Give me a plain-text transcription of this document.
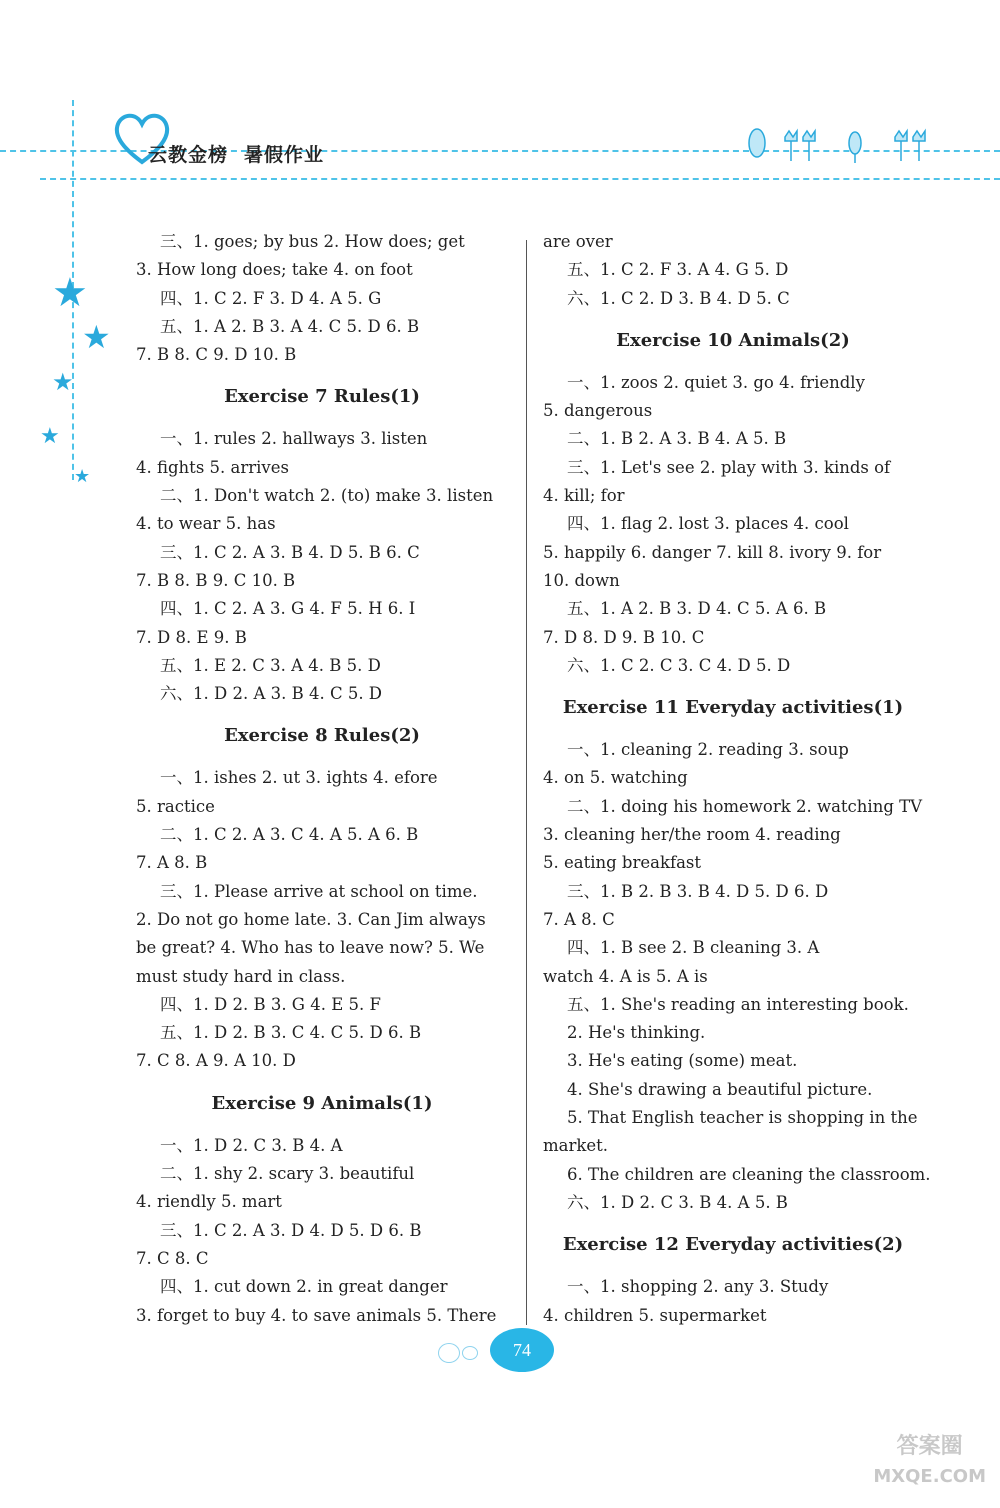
云教金榜 暑假作业
★
★
★
★
★
三、1. goes; by bus 2. How does; get
3. How long does; take 4. on foot
四、1. C 2. F 3. D 4. A 5. G
五、1. A 2. B 3. A 4. C 5. D 6. B
7. B 8. C 9. D 10. B
Exercise 7 Rules(1)
一、1. rules 2. hallways 3. listen
4. fights 5. arrives
二、1. Don't watch 2. (to) make 3. listen
4. to wear 5. has
三、1. C 2. A 3. B 4. D 5. B 6. C
7. B 8. B 9. C 10. B
四、1. C 2. A 3. G 4. F 5. H 6. I
7. D 8. E 9. B
五、1. E 2. C 3. A 4. B 5. D
六、1. D 2. A 3. B 4. C 5. D
Exercise 8 Rules(2)
一、1. ishes 2. ut 3. ights 4. efore
5. ractice
二、1. C 2. A 3. C 4. A 5. A 6. B
7. A 8. B
三、1. Please arrive at school on time.
2. Do not go home late. 3. Can Jim always
be great? 4. Who has to leave now? 5. We
must study hard in class.
四、1. D 2. B 3. G 4. E 5. F
五、1. D 2. B 3. C 4. C 5. D 6. B
7. C 8. A 9. A 10. D
Exercise 9 Animals(1)
一、1. D 2. C 3. B 4. A
二、1. shy 2. scary 3. beautiful
4. riendly 5. mart
三、1. C 2. A 3. D 4. D 5. D 6. B
7. C 8. C
四、1. cut down 2. in great danger
3. forget to buy 4. to save animals 5. There
are over
五、1. C 2. F 3. A 4. G 5. D
六、1. C 2. D 3. B 4. D 5. C
Exercise 10 Animals(2)
一、1. zoos 2. quiet 3. go 4. friendly
5. dangerous
二、1. B 2. A 3. B 4. A 5. B
三、1. Let's see 2. play with 3. kinds of
4. kill; for
四、1. flag 2. lost 3. places 4. cool
5. happily 6. danger 7. kill 8. ivory 9. for
10. down
五、1. A 2. B 3. D 4. C 5. A 6. B
7. D 8. D 9. B 10. C
六、1. C 2. C 3. C 4. D 5. D
Exercise 11 Everyday activities(1)
一、1. cleaning 2. reading 3. soup
4. on 5. watching
二、1. doing his homework 2. watching TV
3. cleaning her/the room 4. reading
5. eating breakfast
三、1. B 2. B 3. B 4. D 5. D 6. D
7. A 8. C
四、1. B see 2. B cleaning 3. A
watch 4. A is 5. A is
五、1. She's reading an interesting book.
2. He's thinking.
3. He's eating (some) meat.
4. She's drawing a beautiful picture.
5. That English teacher is shopping in the
market.
6. The children are cleaning the classroom.
六、1. D 2. C 3. B 4. A 5. B
Exercise 12 Everyday activities(2)
一、1. shopping 2. any 3. Study
4. children 5. supermarket
74
答案圈
MXQE.COM
